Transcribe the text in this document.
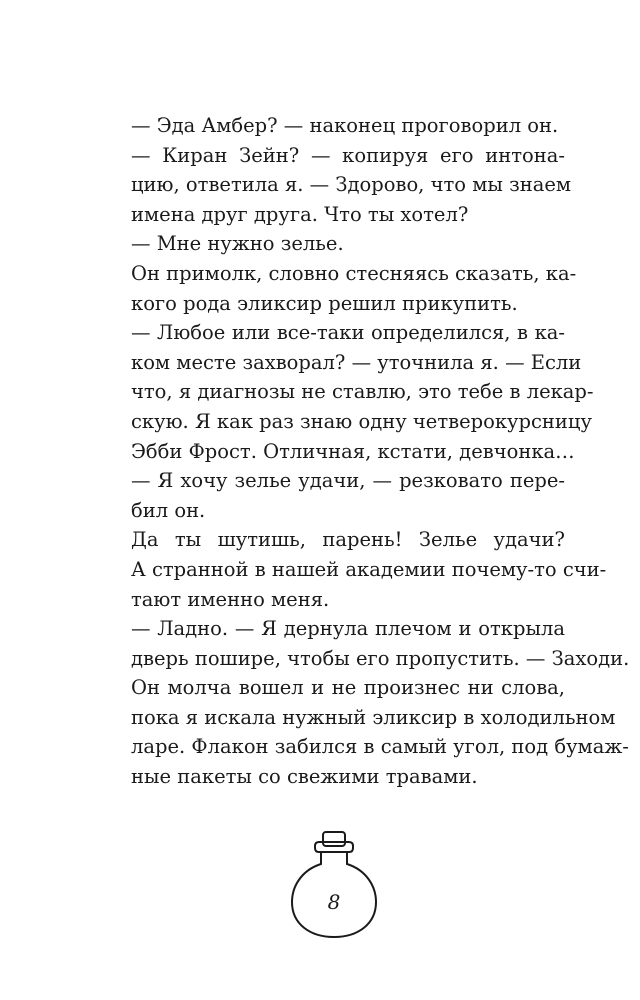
— Эда Амбер? — наконец проговорил он.
— Киран Зейн? — копируя его интона-
цию, ответила я. — Здорово, что мы знаем
имена друг друга. Что ты хотел?
— Мне нужно зелье.
Он примолк, словно стесняясь сказать, ка-
кого рода эликсир решил прикупить.
— Любое или все-таки определился, в ка-
ком месте захворал? — уточнила я. — Если
что, я диагнозы не ставлю, это тебе в лекар-
скую. Я как раз знаю одну четверокурсницу
Эбби Фрост. Отличная, кстати, девчонка…
— Я хочу зелье удачи, — резковато пере-
бил он.
Да ты шутишь, парень! Зелье удачи?
А странной в нашей академии почему-то счи-
тают именно меня.
— Ладно. — Я дернула плечом и открыла
дверь пошире, чтобы его пропустить. — Заходи.
Он молча вошел и не произнес ни слова,
пока я искала нужный эликсир в холодильном
ларе. Флакон забился в самый угол, под бумаж-
ные пакеты со свежими травами.
8
